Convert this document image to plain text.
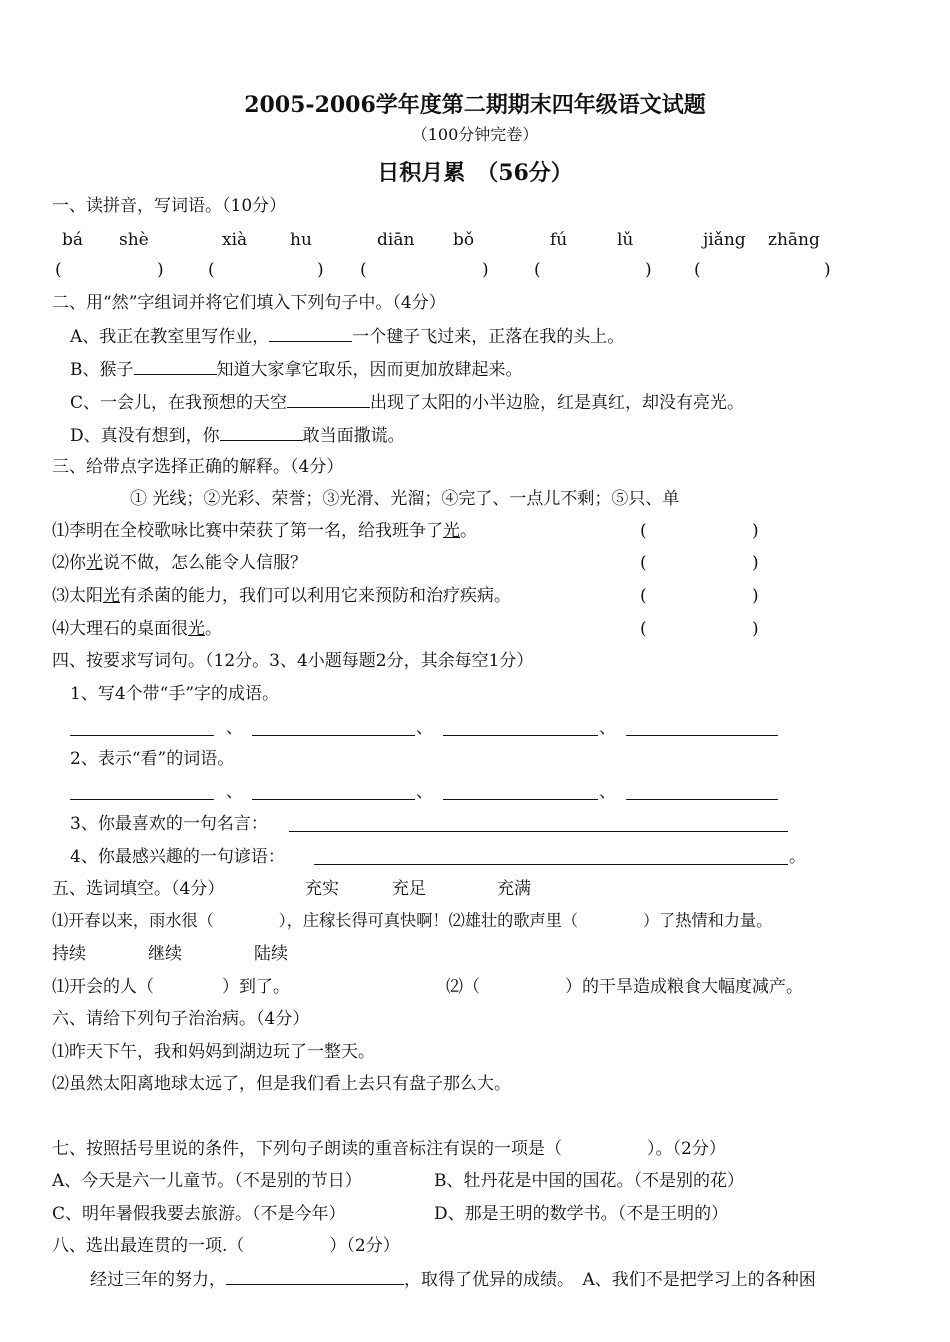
2005-2006学年度第二期期末四年级语文试题
（100分钟完卷）
日积月累　（56分）
一、读拼音，写词语。（10分）
bá shè	xià	hu	diān bǒ	fú	lǔ	jiǎng zhāng
(	)	(	) (	)	(	) (	)
二、用“然”字组词并将它们填入下列句子中。（4分）
A、我正在教室里写作业，	一个毽子飞过来，正落在我的头上。
B、猴子	知道大家拿它取乐，因而更加放肆起来。
C、一会儿，在我预想的天空	出现了太阳的小半边脸，红是真红，却没有亮光。
D、真没有想到，你	敢当面撒谎。
三、给带点字选择正确的解释。（4分）
① 光线；②光彩、荣誉；③光滑、光溜；④完了、一点儿不剩；⑤只、单
⑴李明在全校歌咏比赛中荣获了第一名，给我班争了光。	(	)
⑵你光说不做，怎么能令人信服？	(	)
⑶太阳光有杀菌的能力，我们可以利用它来预防和治疗疾病。	(	)
⑷大理石的桌面很光。	(	)
四、按要求写词句。（12分。3、4小题每题2分，其余每空1分）
1、写4个带“手”字的成语。
、	、	、
2、表示“看”的词语。
、	、	、
3、你最喜欢的一句名言：
4、你最感兴趣的一句谚语：	。
五、选词填空。（4分）	充实	充足	充满
⑴开春以来，雨水很（　　　　），庄稼长得可真快啊！⑵雄壮的歌声里（　　　　）了热情和力量。
持续	继续	陆续
⑴开会的人（　　　　）到了。	⑵（　　　　　）的干旱造成粮食大幅度减产。
六、请给下列句子治治病。（4分）
⑴昨天下午，我和妈妈到湖边玩了一整天。
⑵虽然太阳离地球太远了，但是我们看上去只有盘子那么大。
七、按照括号里说的条件，下列句子朗读的重音标注有误的一项是（　　　　　）。（2分）
A、今天是六一儿童节。（不是别的节日）	B、牡丹花是中国的国花。（不是别的花）
C、明年暑假我要去旅游。（不是今年）	D、那是王明的数学书。（不是王明的）
八、选出最连贯的一项.（　　　　　）（2分）
经过三年的努力，	，取得了优异的成绩。　A、我们不是把学习上的各种困
